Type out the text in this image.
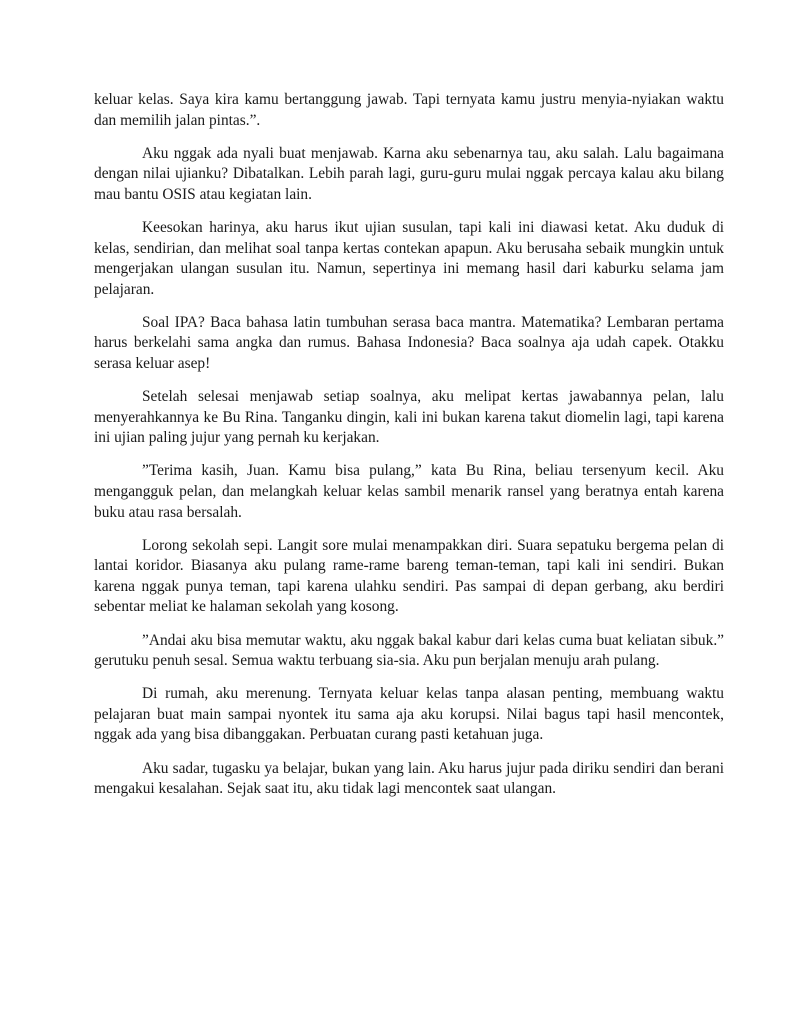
keluar kelas. Saya kira kamu bertanggung jawab. Tapi ternyata kamu justru menyia-nyiakan waktu dan memilih jalan pintas.”.

Aku nggak ada nyali buat menjawab. Karna aku sebenarnya tau, aku salah. Lalu bagaimana dengan nilai ujianku? Dibatalkan. Lebih parah lagi, guru-guru mulai nggak percaya kalau aku bilang mau bantu OSIS atau kegiatan lain.

Keesokan harinya, aku harus ikut ujian susulan, tapi kali ini diawasi ketat. Aku duduk di kelas, sendirian, dan melihat soal tanpa kertas contekan apapun. Aku berusaha sebaik mungkin untuk mengerjakan ulangan susulan itu. Namun, sepertinya ini memang hasil dari kaburku selama jam pelajaran.

Soal IPA? Baca bahasa latin tumbuhan serasa baca mantra. Matematika? Lembaran pertama harus berkelahi sama angka dan rumus. Bahasa Indonesia? Baca soalnya aja udah capek. Otakku serasa keluar asep!

Setelah selesai menjawab setiap soalnya, aku melipat kertas jawabannya pelan, lalu menyerahkannya ke Bu Rina. Tanganku dingin, kali ini bukan karena takut diomelin lagi, tapi karena ini ujian paling jujur yang pernah ku kerjakan.

”Terima kasih, Juan. Kamu bisa pulang,” kata Bu Rina, beliau tersenyum kecil. Aku mengangguk pelan, dan melangkah keluar kelas sambil menarik ransel yang beratnya entah karena buku atau rasa bersalah.

Lorong sekolah sepi. Langit sore mulai menampakkan diri. Suara sepatuku bergema pelan di lantai koridor. Biasanya aku pulang rame-rame bareng teman-teman, tapi kali ini sendiri. Bukan karena nggak punya teman, tapi karena ulahku sendiri. Pas sampai di depan gerbang, aku berdiri sebentar meliat ke halaman sekolah yang kosong.

”Andai aku bisa memutar waktu, aku nggak bakal kabur dari kelas cuma buat keliatan sibuk.” gerutuku penuh sesal. Semua waktu terbuang sia-sia. Aku pun berjalan menuju arah pulang.

Di rumah, aku merenung. Ternyata keluar kelas tanpa alasan penting, membuang waktu pelajaran buat main sampai nyontek itu sama aja aku korupsi. Nilai bagus tapi hasil mencontek, nggak ada yang bisa dibanggakan. Perbuatan curang pasti ketahuan juga.

Aku sadar, tugasku ya belajar, bukan yang lain. Aku harus jujur pada diriku sendiri dan berani mengakui kesalahan. Sejak saat itu, aku tidak lagi mencontek saat ulangan.
